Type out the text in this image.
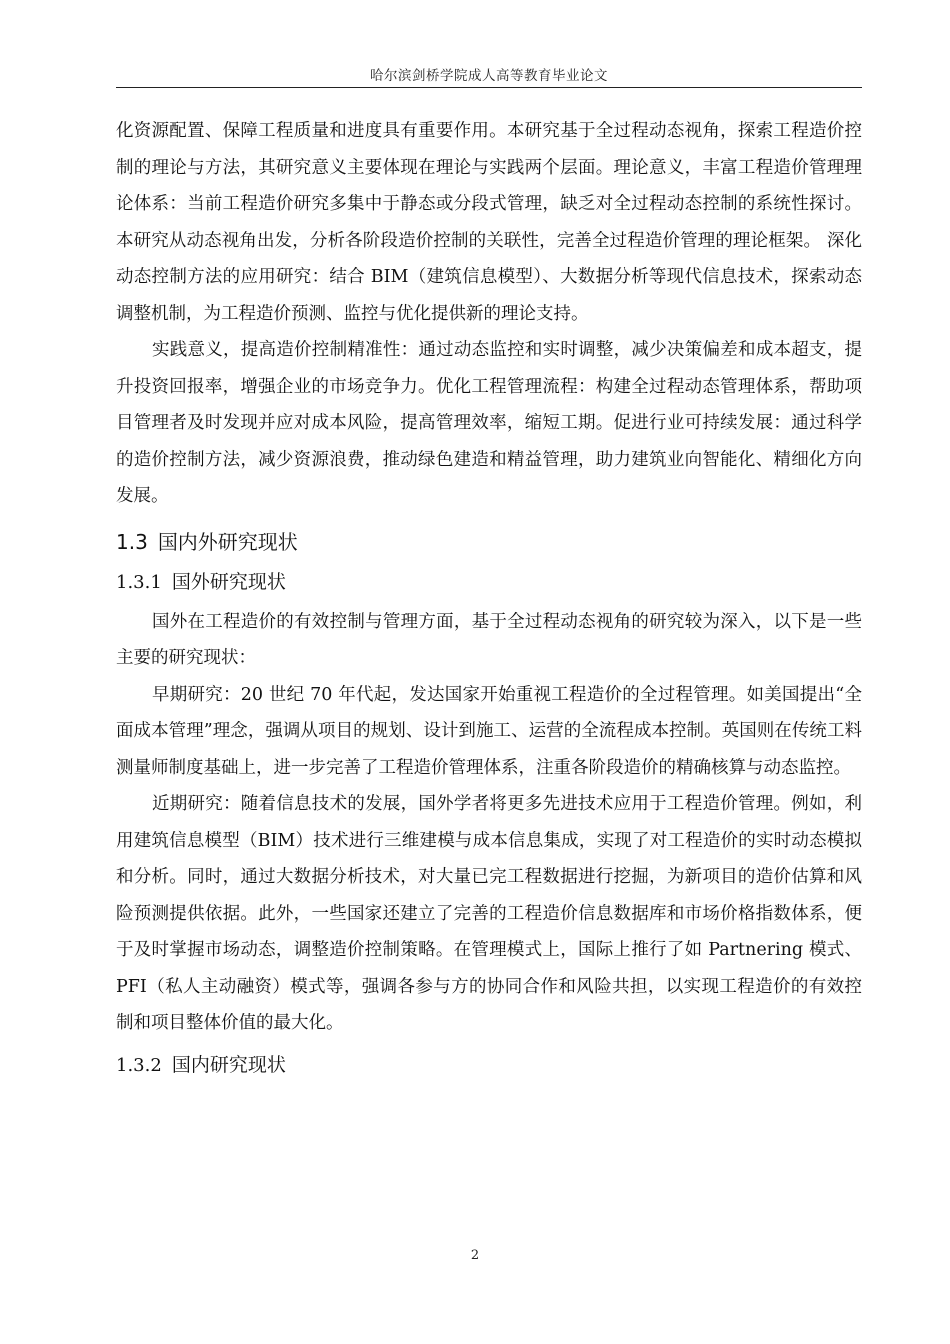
哈尔滨剑桥学院成人高等教育毕业论文

化资源配置、保障工程质量和进度具有重要作用。本研究基于全过程动态视角，探索工程造价控制的理论与方法，其研究意义主要体现在理论与实践两个层面。理论意义，丰富工程造价管理理论体系：当前工程造价研究多集中于静态或分段式管理，缺乏对全过程动态控制的系统性探讨。本研究从动态视角出发，分析各阶段造价控制的关联性，完善全过程造价管理的理论框架。 深化动态控制方法的应用研究：结合 BIM（建筑信息模型）、大数据分析等现代信息技术，探索动态调整机制，为工程造价预测、监控与优化提供新的理论支持。

实践意义，提高造价控制精准性：通过动态监控和实时调整，减少决策偏差和成本超支，提升投资回报率，增强企业的市场竞争力。优化工程管理流程：构建全过程动态管理体系，帮助项目管理者及时发现并应对成本风险，提高管理效率，缩短工期。促进行业可持续发展：通过科学的造价控制方法，减少资源浪费，推动绿色建造和精益管理，助力建筑业向智能化、精细化方向发展。

1.3 国内外研究现状
1.3.1 国外研究现状

国外在工程造价的有效控制与管理方面，基于全过程动态视角的研究较为深入，以下是一些主要的研究现状：

早期研究：20 世纪 70 年代起，发达国家开始重视工程造价的全过程管理。如美国提出“全面成本管理”理念，强调从项目的规划、设计到施工、运营的全流程成本控制。英国则在传统工料测量师制度基础上，进一步完善了工程造价管理体系，注重各阶段造价的精确核算与动态监控。

近期研究：随着信息技术的发展，国外学者将更多先进技术应用于工程造价管理。例如，利用建筑信息模型（BIM）技术进行三维建模与成本信息集成，实现了对工程造价的实时动态模拟和分析。同时，通过大数据分析技术，对大量已完工程数据进行挖掘，为新项目的造价估算和风险预测提供依据。此外，一些国家还建立了完善的工程造价信息数据库和市场价格指数体系，便于及时掌握市场动态，调整造价控制策略。在管理模式上，国际上推行了如 Partnering 模式、PFI（私人主动融资）模式等，强调各参与方的协同合作和风险共担，以实现工程造价的有效控制和项目整体价值的最大化。

1.3.2 国内研究现状
2
